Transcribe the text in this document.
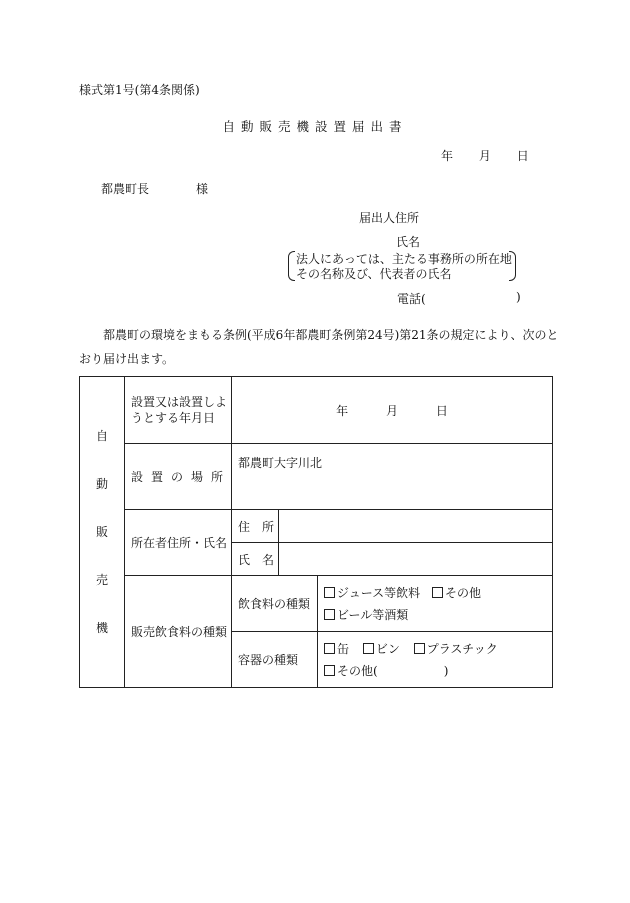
様式第1号(第4条関係)
自動販売機設置届出書
年 月 日
都農町長	様
届出人住所
氏名
法人にあっては、主たる事務所の所在地
その名称及び、代表者の氏名
電話(	)
都農町の環境をまもる条例(平成6年都農町条例第24号)第21条の規定により、次のとおり届け出ます。
自
動
販
売
機	設置又は設置しようとする年月日	年 月 日		
	設置の場所	都農町大字川北		
	所在者住所・氏名	住　所		
		氏　名		
	販売飲食料の種類	飲食料の種類		ジュース等飲料 その他
ビール等酒類

		容器の種類		缶 ビン プラスチック
その他( )
